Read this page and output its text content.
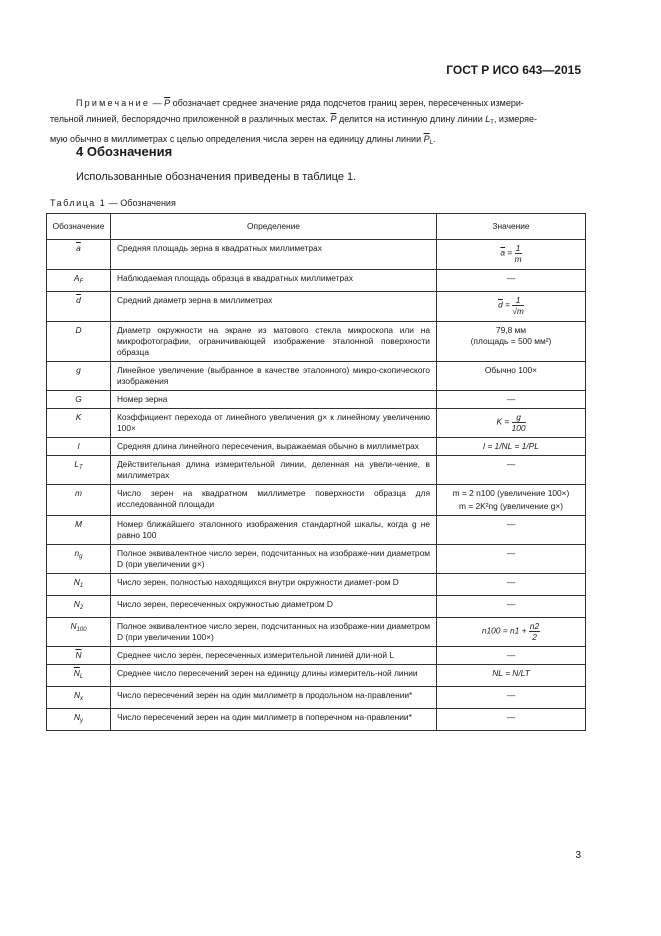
ГОСТ Р ИСО 643—2015
Примечание — $\overline{P}$ обозначает среднее значение ряда подсчетов границ зерен, пересеченных измери-
тельной линией, беспорядочно приложенной в различных местах. $\overline{P}$ делится на истинную длину линии $L_T$, измеряе-
мую обычно в миллиметрах с целью определения числа зерен на единицу длины линии $\overline{P}_L$.
4 Обозначения
Использованные обозначения приведены в таблице 1.
Таблица 1 — Обозначения
Обозначение	Определение	Значение
$\overline{a}$	Средняя площадь зерна в квадратных миллиметрах	$\overline{a} = \frac{1}{m}$

$A_F$	Наблюдаемая площадь образца в квадратных миллиметрах	—
$\overline{d}$	Средний диаметр зерна в миллиметрах	$\overline{d} = \frac{1}{√m}$

D	Диаметр окружности на экране из матового стекла микроскопа или на микрофотографии, ограничивающей изображение эталонной поверхности образца	79,8 мм
(площадь = 500 мм²)

g	Линейное увеличение (выбранное в качестве эталонного) микро-скопического изображения	Обычно 100×
G	Номер зерна	—
K	Коэффициент перехода от линейного увеличения g× к линейному увеличению 100×	$K = \frac{g}{100}$

l	Средняя длина линейного пересечения, выражаемая обычно в миллиметрах	l = 1/NL = 1/PL
$L_T$	Действительная длина измерительной линии, деленная на увели-чение, в миллиметрах	—
m	Число зерен на квадратном миллиметре поверхности образца для исследованной площади	m = 2 n100 (увеличение 100×)
m = 2K²ng (увеличение g×)

M	Номер ближайшего эталонного изображения стандартной шкалы, когда g не равно 100	—
$n_g$	Полное эквивалентное число зерен, подсчитанных на изображе-нии диаметром D (при увеличении g×)	—
$N_1$	Число зерен, полностью находящихся внутри окружности диамет-ром D	—
$N_2$	Число зерен, пересеченных окружностью диаметром D	—
$N_{100}$	Полное эквивалентное число зерен, подсчитанных на изображе-нии диаметром D (при увеличении 100×)	$n100 = n1 + \frac{n2}{2}$

$\overline{N}$	Среднее число зерен, пересеченных измерительной линией дли-ной L	—
$\overline{N}_L$	Среднее число пересечений зерен на единицу длины измеритель-ной линии	NL = N/LT
$N_x$	Число пересечений зерен на один миллиметр в продольном на-правлении*	—
$N_y$	Число пересечений зерен на один миллиметр в поперечном на-правлении*	—
3
